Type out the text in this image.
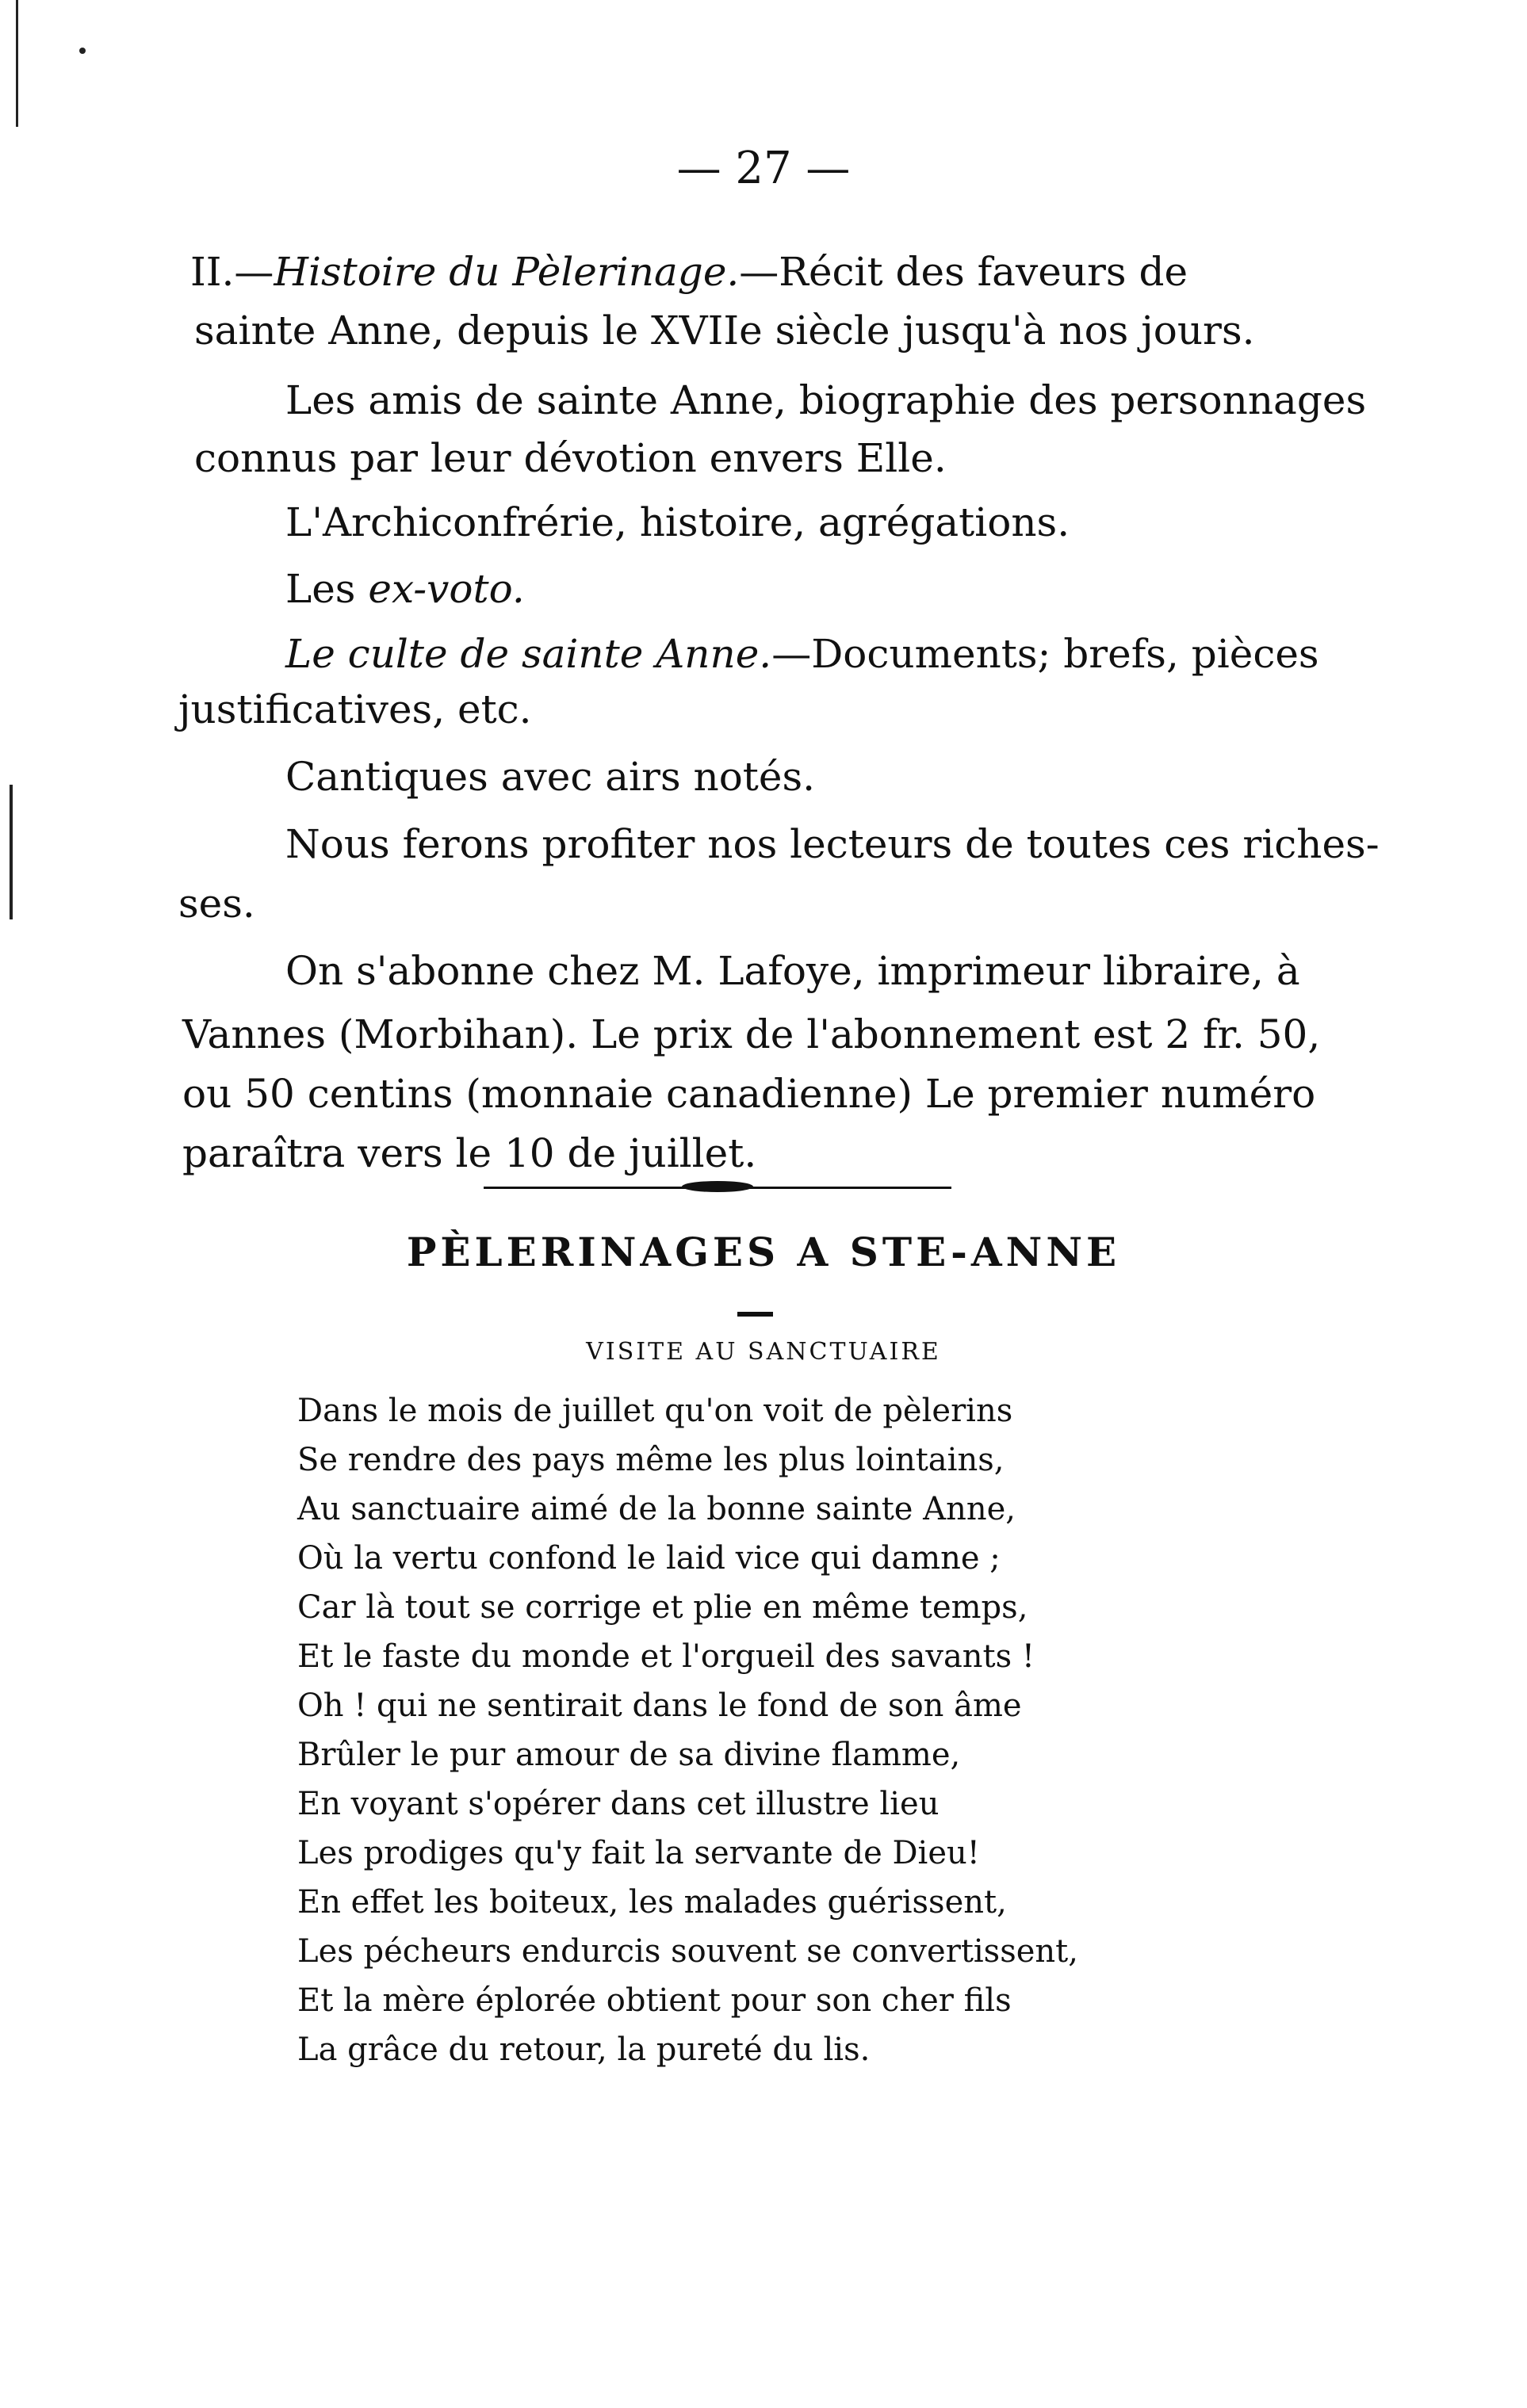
— 27 —
II.—Histoire du Pèlerinage.—Récit des faveurs de
sainte Anne, depuis le XVIIe siècle jusqu'à nos jours.
Les amis de sainte Anne, biographie des personnages
connus par leur dévotion envers Elle.
L'Archiconfrérie, histoire, agrégations.
Les ex-voto.
Le culte de sainte Anne.—Documents; brefs, pièces
justificatives, etc.
Cantiques avec airs notés.
Nous ferons profiter nos lecteurs de toutes ces riches-
ses.
On s'abonne chez M. Lafoye, imprimeur libraire, à
Vannes (Morbihan). Le prix de l'abonnement est 2 fr. 50,
ou 50 centins (monnaie canadienne) Le premier numéro
paraîtra vers le 10 de juillet.
PÈLERINAGES A STE-ANNE
VISITE AU SANCTUAIRE
Dans le mois de juillet qu'on voit de pèlerins
Se rendre des pays même les plus lointains,
Au sanctuaire aimé de la bonne sainte Anne,
Où la vertu confond le laid vice qui damne ;
Car là tout se corrige et plie en même temps,
Et le faste du monde et l'orgueil des savants !
Oh ! qui ne sentirait dans le fond de son âme
Brûler le pur amour de sa divine flamme,
En voyant s'opérer dans cet illustre lieu
Les prodiges qu'y fait la servante de Dieu!
En effet les boiteux, les malades guérissent,
Les pécheurs endurcis souvent se convertissent,
Et la mère éplorée obtient pour son cher fils
La grâce du retour, la pureté du lis.
